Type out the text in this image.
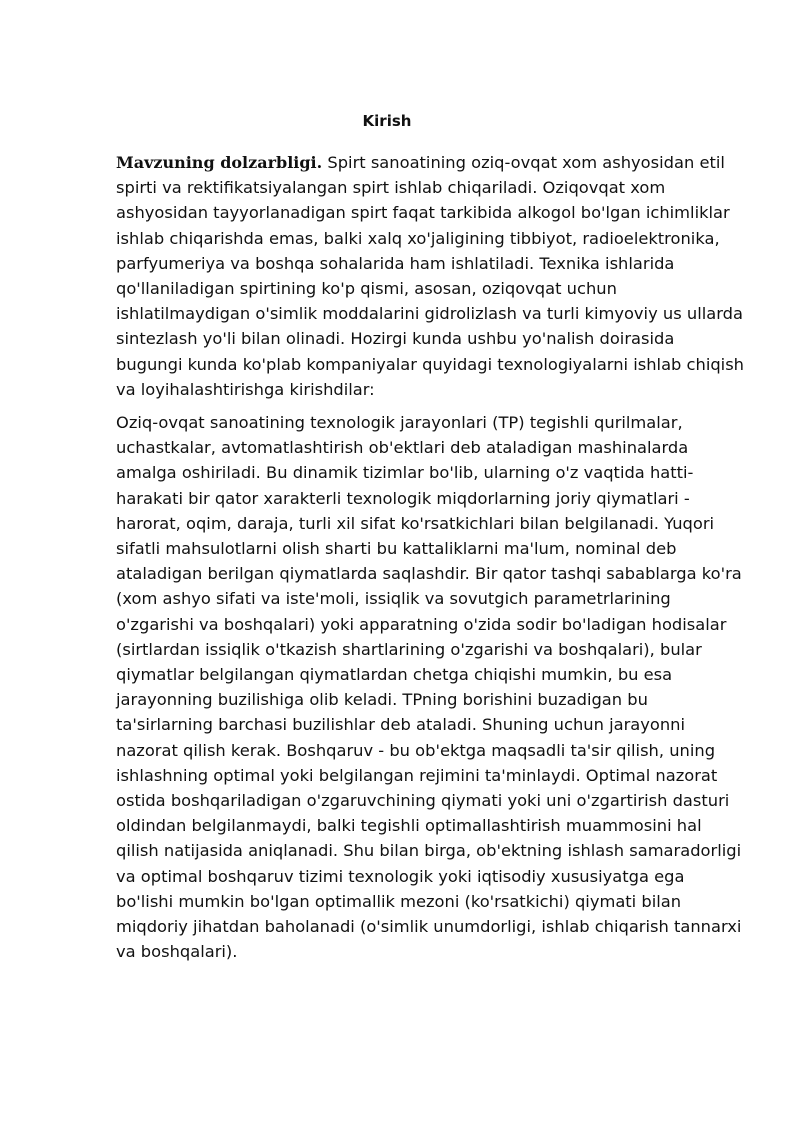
Kirish

Mavzuning dolzarbligi. Spirt sanoatining oziq-ovqat xom ashyosidan etil spirti va rektifikatsiyalangan spirt ishlab chiqariladi. Oziqovqat xom ashyosidan tayyorlanadigan spirt faqat tarkibida alkogol bo'lgan ichimliklar ishlab chiqarishda emas, balki xalq xo'jaligining tibbiyot, radioelektronika, parfyumeriya va boshqa sohalarida ham ishlatiladi. Texnika ishlarida qo'llaniladigan spirtining ko'p qismi, asosan, oziqovqat uchun ishlatilmaydigan o'simlik moddalarini gidrolizlash va turli kimyoviy us ullarda sintezlash yo'li bilan olinadi. Hozirgi kunda ushbu yo'nalish doirasida bugungi kunda ko'plab kompaniyalar quyidagi texnologiyalarni ishlab chiqish va loyihalashtirishga kirishdilar:

Oziq-ovqat sanoatining texnologik jarayonlari (TP) tegishli qurilmalar, uchastkalar, avtomatlashtirish ob'ektlari deb ataladigan mashinalarda amalga oshiriladi. Bu dinamik tizimlar bo'lib, ularning o'z vaqtida hatti-harakati bir qator xarakterli texnologik miqdorlarning joriy qiymatlari - harorat, oqim, daraja, turli xil sifat ko'rsatkichlari bilan belgilanadi. Yuqori sifatli mahsulotlarni olish sharti bu kattaliklarni ma'lum, nominal deb ataladigan berilgan qiymatlarda saqlashdir. Bir qator tashqi sabablarga ko'ra (xom ashyo sifati va iste'moli, issiqlik va sovutgich parametrlarining o'zgarishi va boshqalari) yoki apparatning o'zida sodir bo'ladigan hodisalar (sirtlardan issiqlik o'tkazish shartlarining o'zgarishi va boshqalari), bular qiymatlar belgilangan qiymatlardan chetga chiqishi mumkin, bu esa jarayonning buzilishiga olib keladi. TPning borishini buzadigan bu ta'sirlarning barchasi buzilishlar deb ataladi. Shuning uchun jarayonni nazorat qilish kerak. Boshqaruv - bu ob'ektga maqsadli ta'sir qilish, uning ishlashning optimal yoki belgilangan rejimini ta'minlaydi. Optimal nazorat ostida boshqariladigan o'zgaruvchining qiymati yoki uni o'zgartirish dasturi oldindan belgilanmaydi, balki tegishli optimallashtirish muammosini hal qilish natijasida aniqlanadi. Shu bilan birga, ob'ektning ishlash samaradorligi va optimal boshqaruv tizimi texnologik yoki iqtisodiy xususiyatga ega bo'lishi mumkin bo'lgan optimallik mezoni (ko'rsatkichi) qiymati bilan miqdoriy jihatdan baholanadi (o'simlik unumdorligi, ishlab chiqarish tannarxi va boshqalari).
